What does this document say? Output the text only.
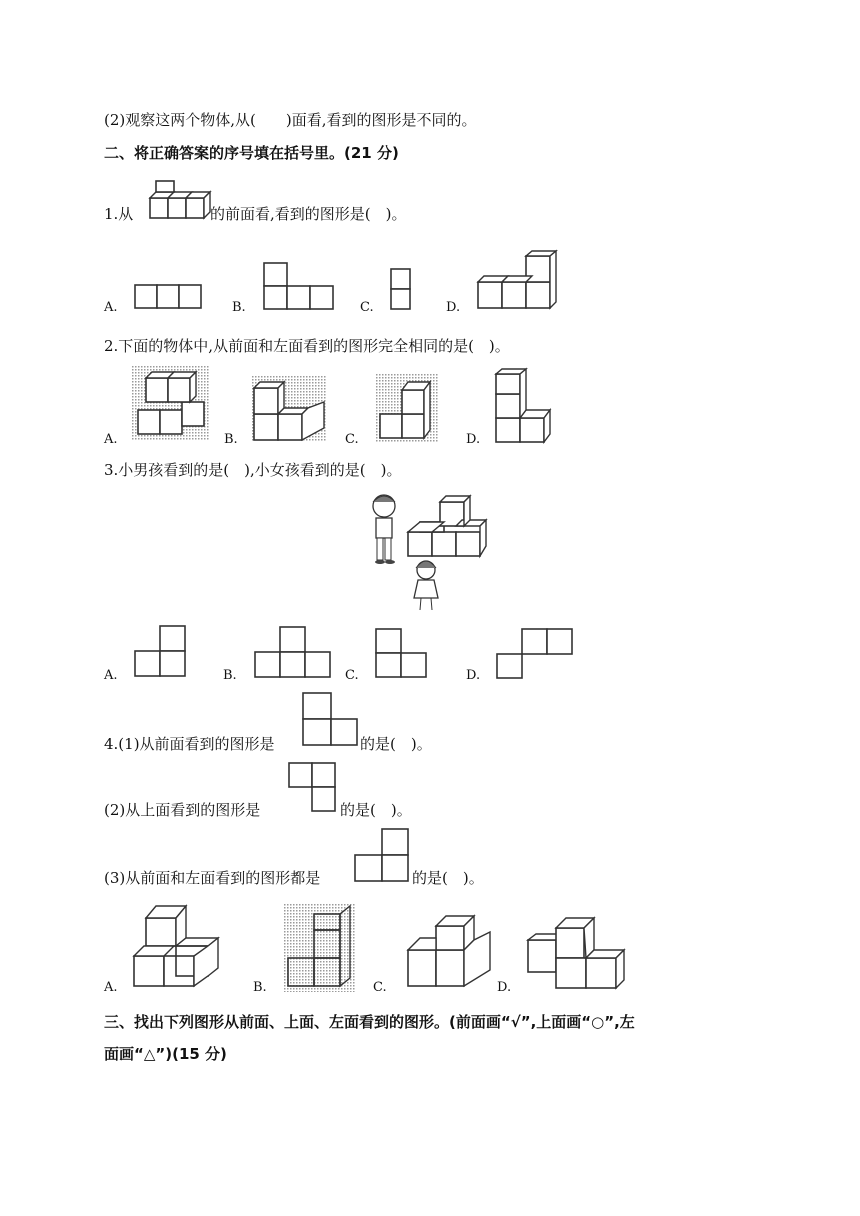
(2)观察这两个物体,从(　　)面看,看到的图形是不同的。
二、将正确答案的序号填在括号里。(21 分)
1.从	的前面看,看到的图形是(　)。
A.	B.	C.	D.
2.下面的物体中,从前面和左面看到的图形完全相同的是(　)。
A.	B.	C.	D.
3.小男孩看到的是(　),小女孩看到的是(　)。
A.	B.	C.	D.
4.(1)从前面看到的图形是	的是(　)。
(2)从上面看到的图形是	的是(　)。
(3)从前面和左面看到的图形都是	的是(　)。
A.	B.	C.	D.
三、找出下列图形从前面、上面、左面看到的图形。(前面画“√”,上面画“○”,左
面画“△”)(15 分)
